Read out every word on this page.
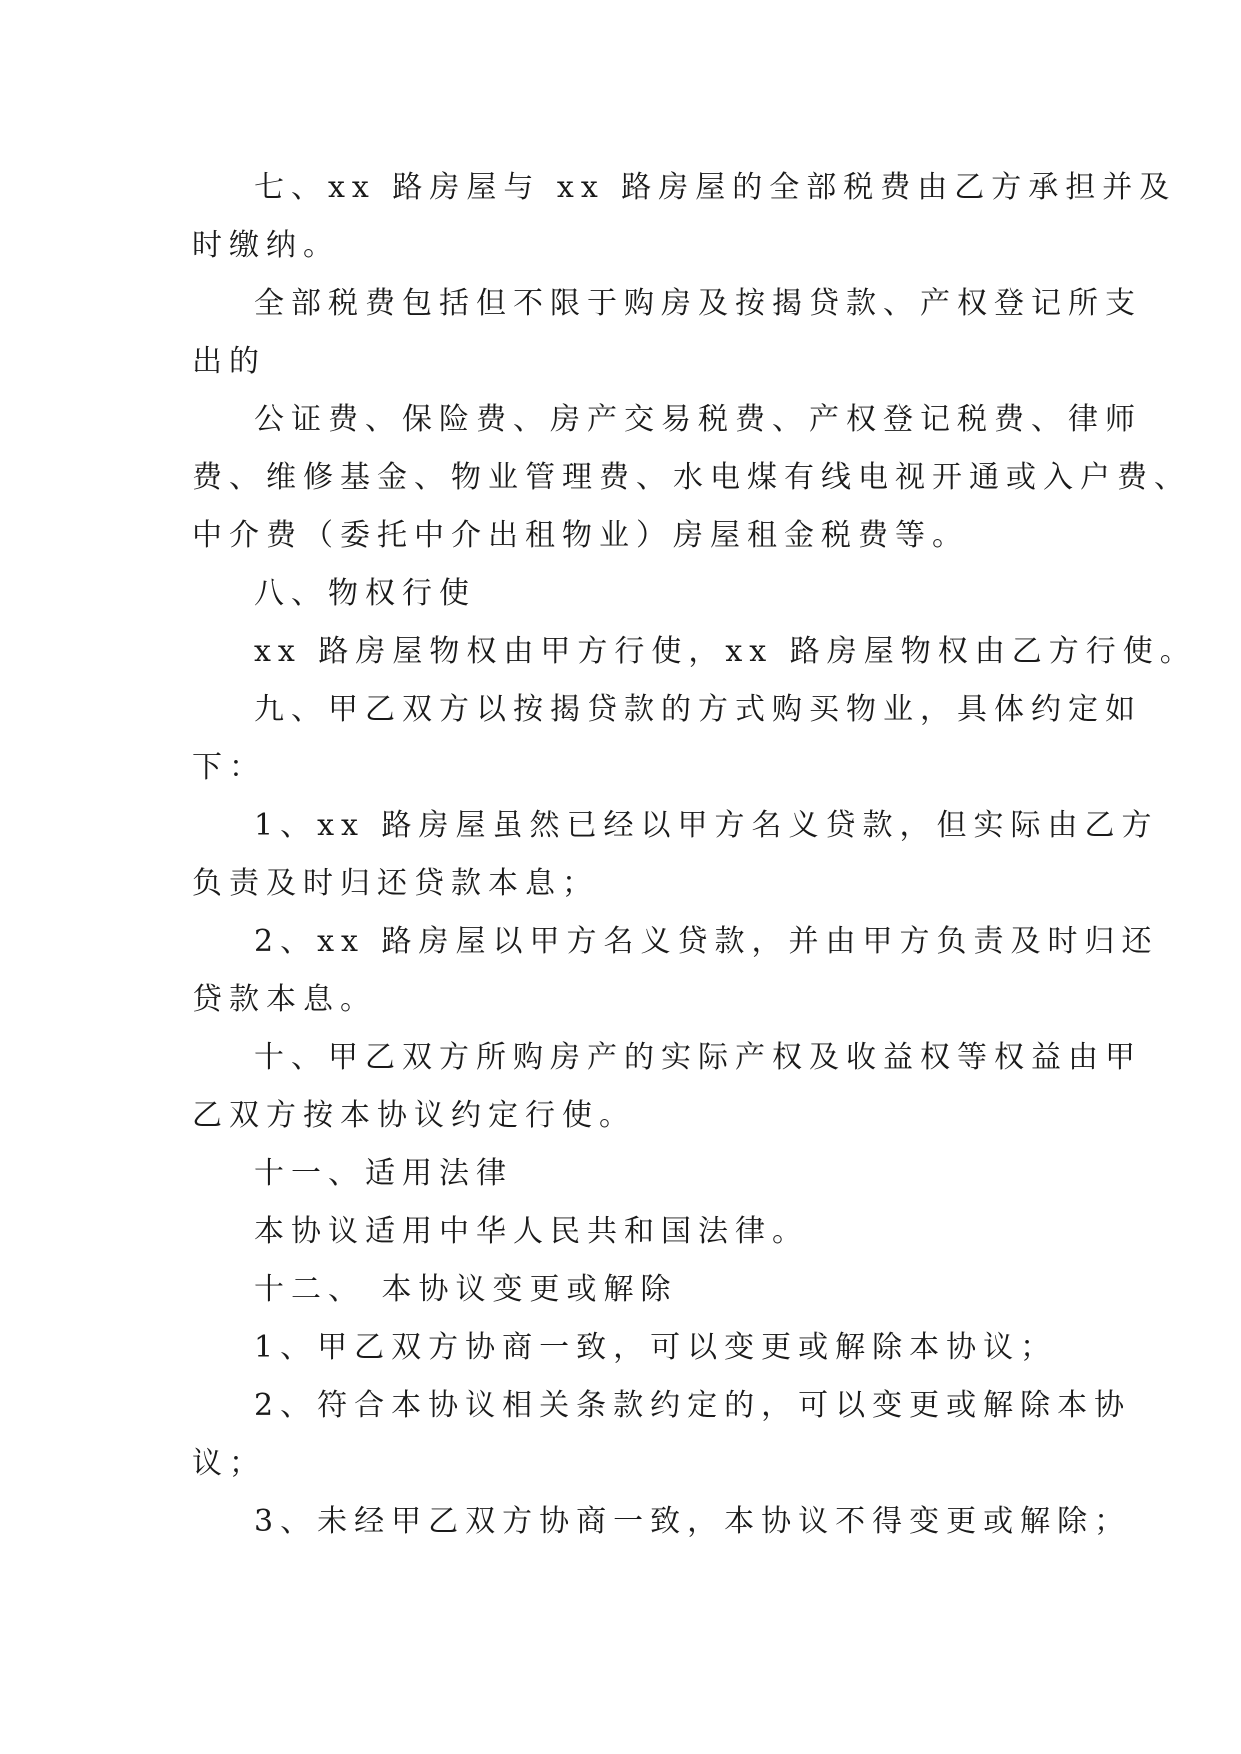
七、xx 路房屋与 xx 路房屋的全部税费由乙方承担并及
时缴纳。
全部税费包括但不限于购房及按揭贷款、产权登记所支
出的
公证费、保险费、房产交易税费、产权登记税费、律师
费、维修基金、物业管理费、水电煤有线电视开通或入户费、
中介费（委托中介出租物业）房屋租金税费等。
八、物权行使
xx 路房屋物权由甲方行使，xx 路房屋物权由乙方行使。
九、甲乙双方以按揭贷款的方式购买物业，具体约定如
下：
1、xx 路房屋虽然已经以甲方名义贷款，但实际由乙方
负责及时归还贷款本息；
2、xx 路房屋以甲方名义贷款，并由甲方负责及时归还
贷款本息。
十、甲乙双方所购房产的实际产权及收益权等权益由甲
乙双方按本协议约定行使。
十一、适用法律
本协议适用中华人民共和国法律。
十二、 本协议变更或解除
1、甲乙双方协商一致，可以变更或解除本协议；
2、符合本协议相关条款约定的，可以变更或解除本协
议；
3、未经甲乙双方协商一致，本协议不得变更或解除；
